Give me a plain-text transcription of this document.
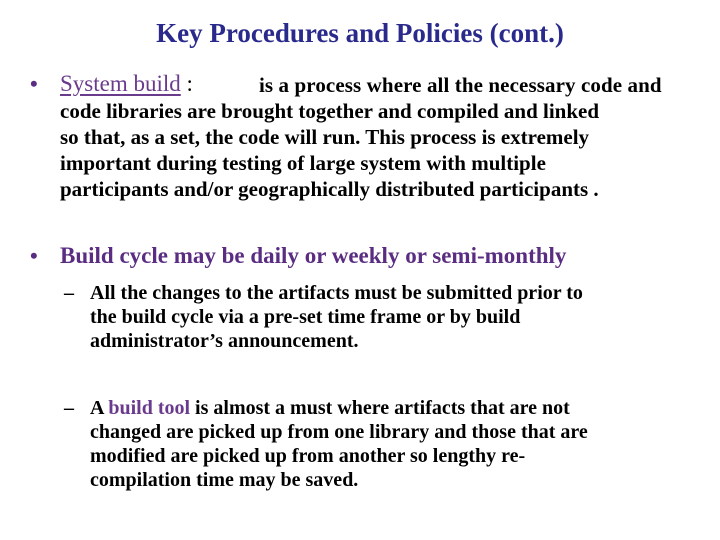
Key Procedures and Policies (cont.)
• System build :	is a process where all the necessary code and
code libraries are brought together and compiled and linked
so that, as a set, the code will run. This process is extremely
important during testing of large system with multiple
participants and/or geographically distributed participants .
• Build cycle may be daily or weekly or semi-monthly
– All the changes to the artifacts must be submitted prior to
the build cycle via a pre-set time frame or by build
administrator’s announcement.
– A build tool is almost a must where artifacts that are not
changed are picked up from one library and those that are
modified are picked up from another so lengthy re-
compilation time may be saved.
